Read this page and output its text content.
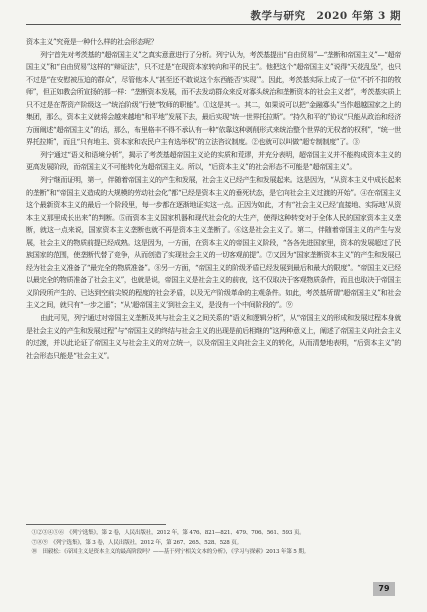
教学与研究　2020 年第 3 期

资本主义”究竟是一种什么样的社会形态呢？

列宁首先对考茨基的“超帝国主义”之真实意意进行了分析。列宁认为，考茨基提出“自由贸易”—“垄断和帝国主义”—“超帝国主义”和“自由贸易”这样的“辩证法”，只不过是“在现资本家转向和平的民主”。他把这个“超帝国主义”说得“天花乱坠”，也只不过是“在安慰被压迫的群众”，尽管他本人“甚至还不敢说这个东西能否‘实现’”。因此，考茨基实际上成了一位“不折不扣的牧师”，但正如教会所宣扬的那一样：“垄断资本发展，而不去发动群众来反对寡头统治和垄断资本的社会主义者”，考茨基实质上只不过是在帮资产阶级这一“统治阶级”行使“牧师的职能”。①这是其一。其二，如果说可以把“金融寡头”当作超越国家之上的集团，那么，资本主义就将会越来越地“和平地”发展下去，最后实现“统一世界托拉斯”。“持久和平的”协议“只能从政治和经济方面阐述“超帝国主义”的话，那么，布里格丰不得不承认有一种“依靠这种剥削形式来统治整个世界的无权者的权利”，“统一世界托拉斯”，而且“只有地主、资本家和农民户主有选举权”的立法咨议制度。②也就可以叫做“超专制制度”了。③

列宁通过“语义和语境分析”，揭示了考茨基超帝国主义论的实质和荒谬，并充分表明，超帝国主义并不能构成资本主义的更高发展阶段，而帝国主义不可能转化为超帝国主义。所以，“后资本主义”的社会形态不可能是“超帝国主义”。

列宁继而证明，第一，伴随着帝国主义的产生和发展，社会主义已经产生和发展起来。这是因为，“从资本主义中成长起来的垄断”和“帝国主义造成的大规模的劳动社会化”都“已经是资本主义的垂死状态，是它向社会主义过渡的开始”。④在帝国主义这个最新资本主义的最后一个阶段里，每一步都在逐渐地证实这一点。正因为如此，才有“社会主义已经‘直接地、实际地’从资本主义那里成长出来”的判断。⑤而资本主义国家机器和现代社会化的大生产，使得这种转变对于全体人民的国家资本主义垄断，就这一点来说，国家资本主义垄断也就不再是资本主义垄断了。⑥这是社会主义了。第二，伴随着帝国主义的产生与发展，社会主义的物质前提已经成熟。这是因为，一方面，在资本主义的帝国主义阶段，“各各先进国家里，资本的发展超过了民族国家的范围，使垄断代替了竞争，从而创造了实现社会主义的一切客观前提”。⑦又因为“国家垄断资本主义”的产生和发展已经为社会主义准备了“最完全的物质准备”。⑧另一方面，“帝国主义的阶级矛盾已经发展到最后和最大的限度”。“帝国主义已经以最完全的物质准备了社会主义”，也就是说，帝国主义是社会主义的前夜，这不仅取决于客观物质条件，而且也取决于帝国主义阶段所产生的、已达到空前尖锐的程度的社会矛盾，以及无产阶级革命的主观条件。如此，考茨基所谓“超帝国主义”和社会主义之间，就只有“一步之遥”；“从‘超帝国主义’到社会主义，是没有一个中间阶段的”。⑨

由此可见，列宁通过对帝国主义垄断及其与社会主义之间关系的“语义和逻辑分析”，从“帝国主义的形成和发展过程本身就是社会主义的产生和发展过程”与“帝国主义的终结与社会主义的出现是前后相继的”这两种意义上，阐述了帝国主义向社会主义的过渡，并以此论证了帝国主义与社会主义的对立统一，以及帝国主义向社会主义的转化，从而清楚地表明，“后资本主义”的社会形态只能是“社会主义”。

①②③④⑤⑥　《列宁选集》，第 2 卷，人民出版社，2012 年，第 476、821—821、479、706、561、593 页。

⑦⑧⑨　《列宁选集》，第 3 卷，人民出版社，2012 年，第 267、265、528、528 页。

⑩　田毅松：《帝国主义是资本主义的最高阶段吗？——基于列宁相关文本的分析》，《学习与探索》2013 年第 5 期。

79
